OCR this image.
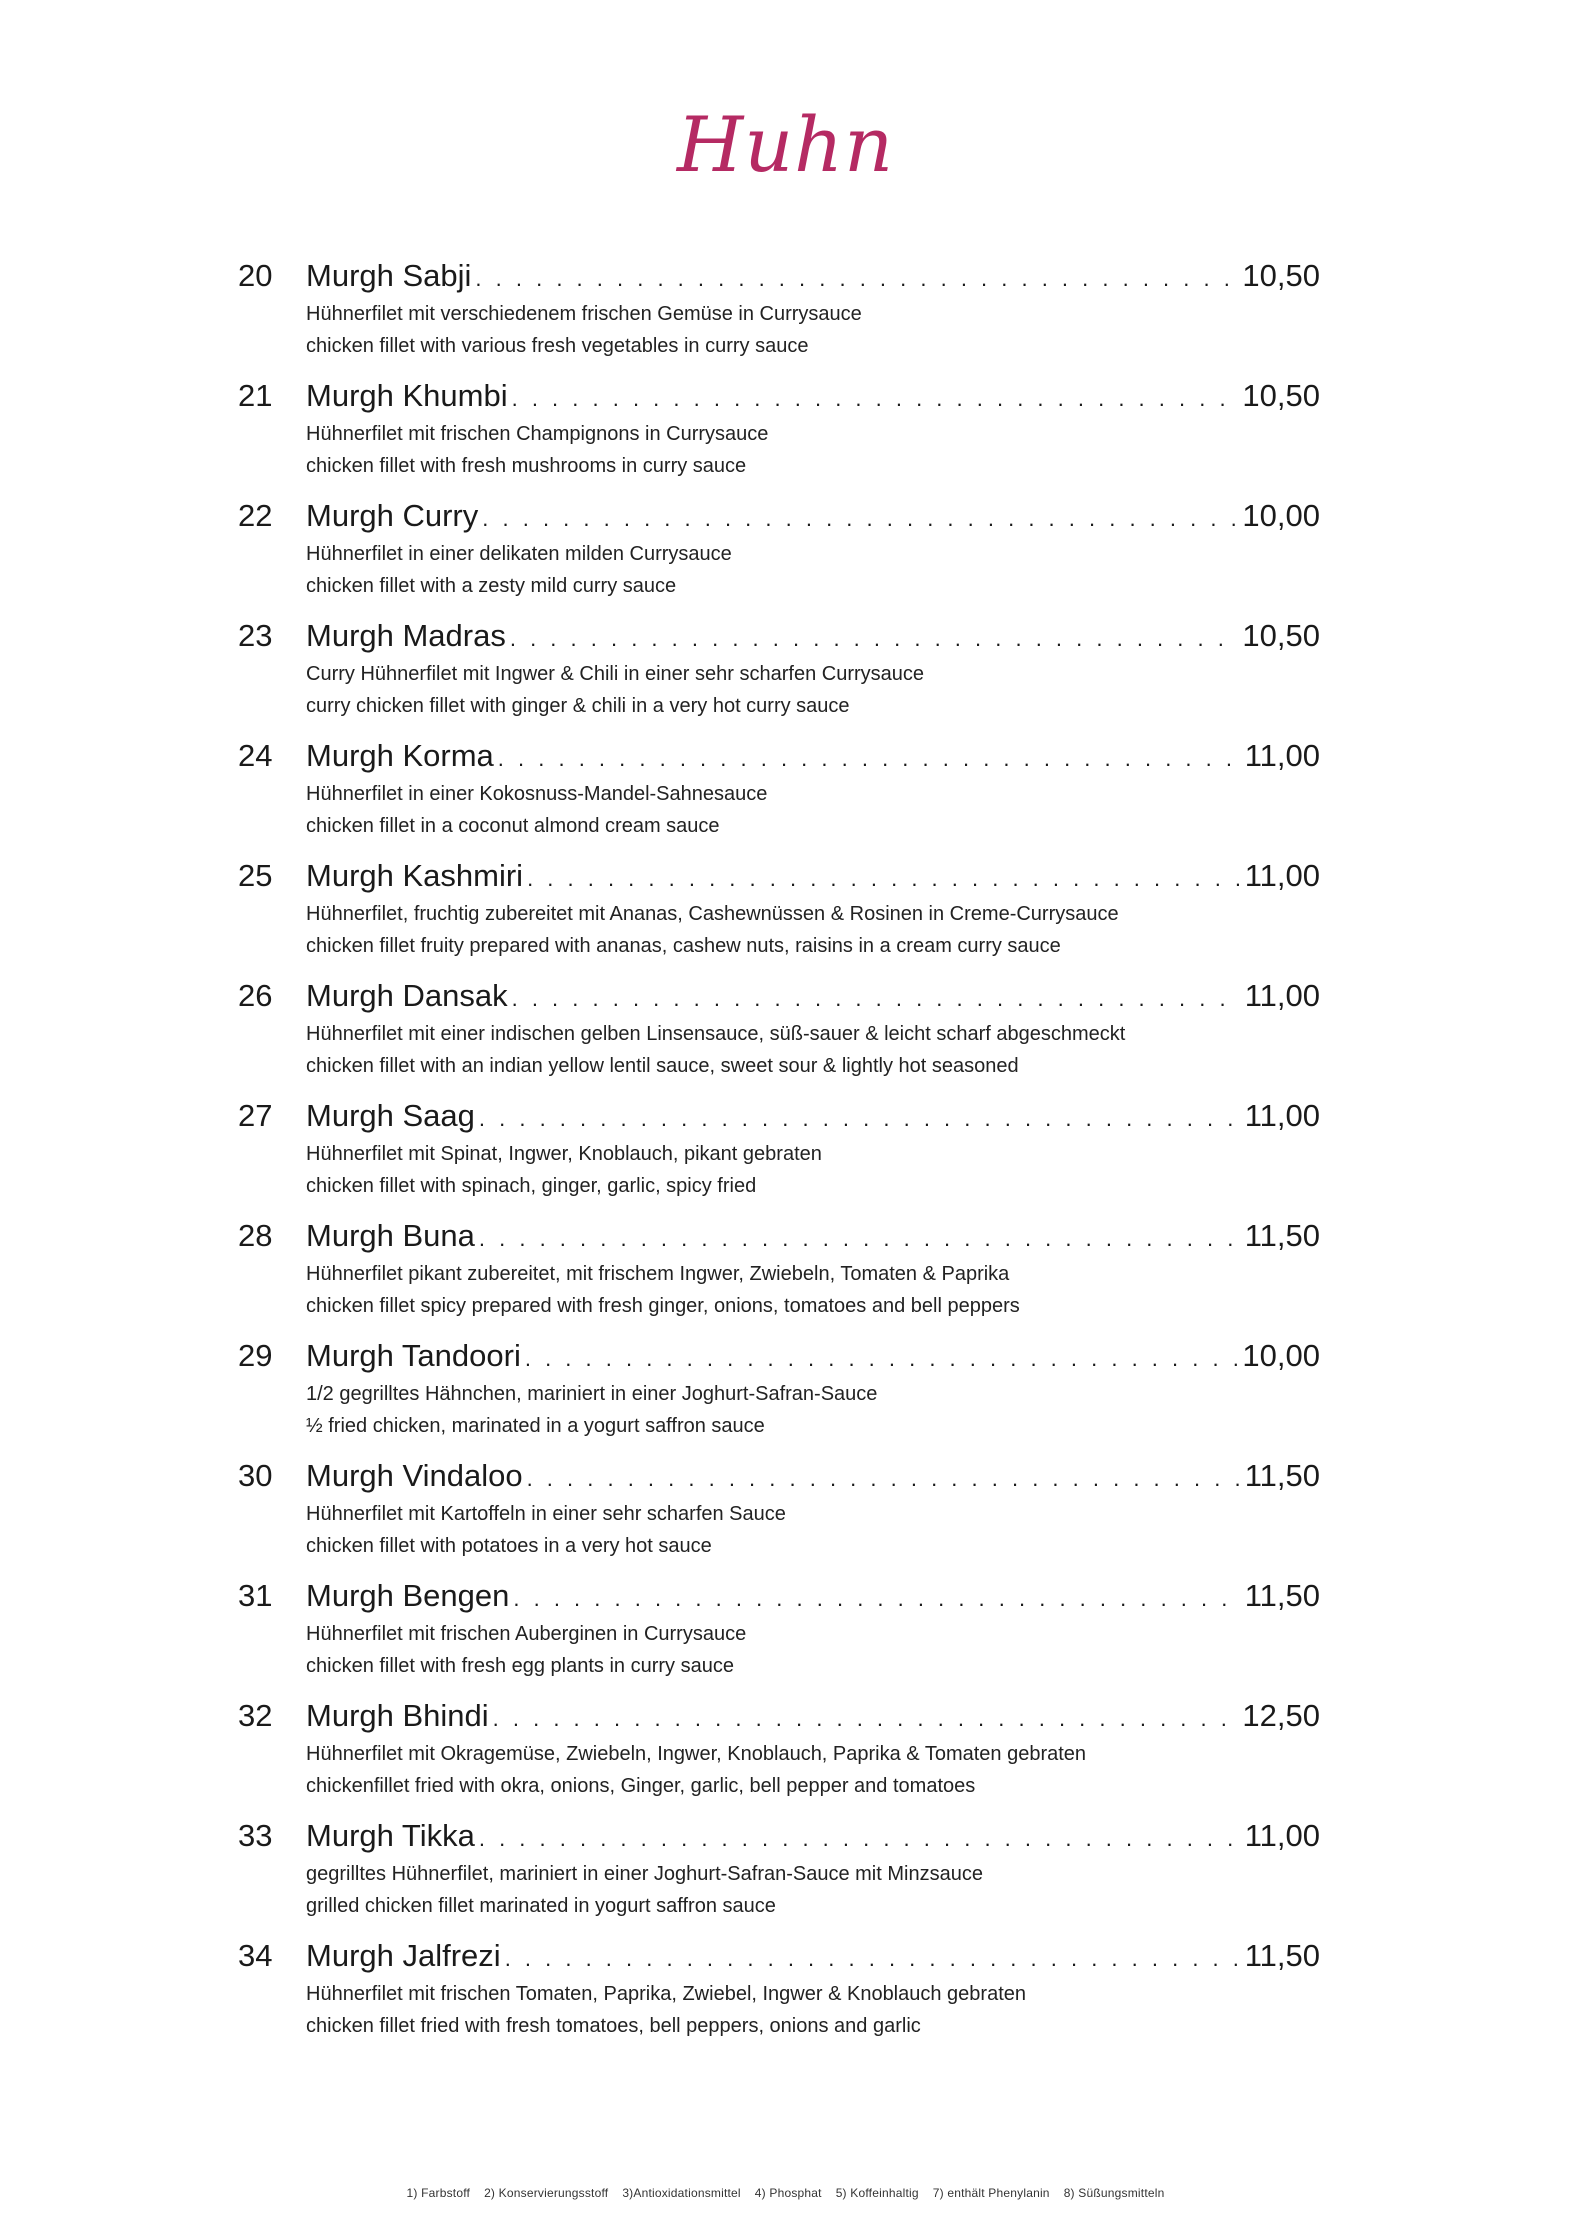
Huhn
20 Murgh Sabji . . .	10,50
Hühnerfilet mit verschiedenem frischen Gemüse in Currysauce
chicken fillet with various fresh vegetables in curry sauce
21 Murgh Khumbi . . .	10,50
Hühnerfilet mit frischen Champignons in Currysauce
chicken fillet with fresh mushrooms in curry sauce
22 Murgh Curry . . .	10,00
Hühnerfilet in einer delikaten milden Currysauce
chicken fillet with a zesty mild curry sauce
23 Murgh Madras . . .	10,50
Curry Hühnerfilet mit Ingwer & Chili in einer sehr scharfen Currysauce
curry chicken fillet with ginger & chili in a very hot curry sauce
24 Murgh Korma . . .	11,00
Hühnerfilet in einer Kokosnuss-Mandel-Sahnesauce
chicken fillet in a coconut almond cream sauce
25 Murgh Kashmiri . . .	11,00
Hühnerfilet, fruchtig zubereitet mit Ananas, Cashewnüssen & Rosinen in Creme-Currysauce
chicken fillet fruity prepared with ananas, cashew nuts, raisins in a cream curry sauce
26 Murgh Dansak . . .	11,00
Hühnerfilet mit einer indischen gelben Linsensauce, süß-sauer & leicht scharf abgeschmeckt
chicken fillet with an indian yellow lentil sauce, sweet sour & lightly hot seasoned
27 Murgh Saag . . .	11,00
Hühnerfilet mit Spinat, Ingwer, Knoblauch, pikant gebraten
chicken fillet with spinach, ginger, garlic, spicy fried
28 Murgh Buna . . .	11,50
Hühnerfilet pikant zubereitet, mit frischem Ingwer, Zwiebeln, Tomaten & Paprika
chicken fillet spicy prepared with fresh ginger, onions, tomatoes and bell peppers
29 Murgh Tandoori . . .	10,00
1/2 gegrilltes Hähnchen, mariniert in einer Joghurt-Safran-Sauce
½ fried chicken, marinated in a yogurt saffron sauce
30 Murgh Vindaloo . . .	11,50
Hühnerfilet mit Kartoffeln in einer sehr scharfen Sauce
chicken fillet with potatoes in a very hot sauce
31 Murgh Bengen . . .	11,50
Hühnerfilet mit frischen Auberginen in Currysauce
chicken fillet with fresh egg plants in curry sauce
32 Murgh Bhindi . . .	12,50
Hühnerfilet mit Okragemüse, Zwiebeln, Ingwer, Knoblauch, Paprika & Tomaten gebraten
chickenfillet fried with okra, onions, Ginger, garlic, bell pepper and tomatoes
33 Murgh Tikka . . .	11,00
gegrilltes Hühnerfilet, mariniert in einer Joghurt-Safran-Sauce mit Minzsauce
grilled chicken fillet marinated in yogurt saffron sauce
34 Murgh Jalfrezi . . .	11,50
Hühnerfilet mit frischen Tomaten, Paprika, Zwiebel, Ingwer & Knoblauch gebraten
chicken fillet fried with fresh tomatoes, bell peppers, onions and garlic
1) Farbstoff 2) Konservierungsstoff 3)Antioxidationsmittel 4) Phosphat 5) Koffeinhaltig 7) enthält Phenylanin 8) Süßungsmitteln
